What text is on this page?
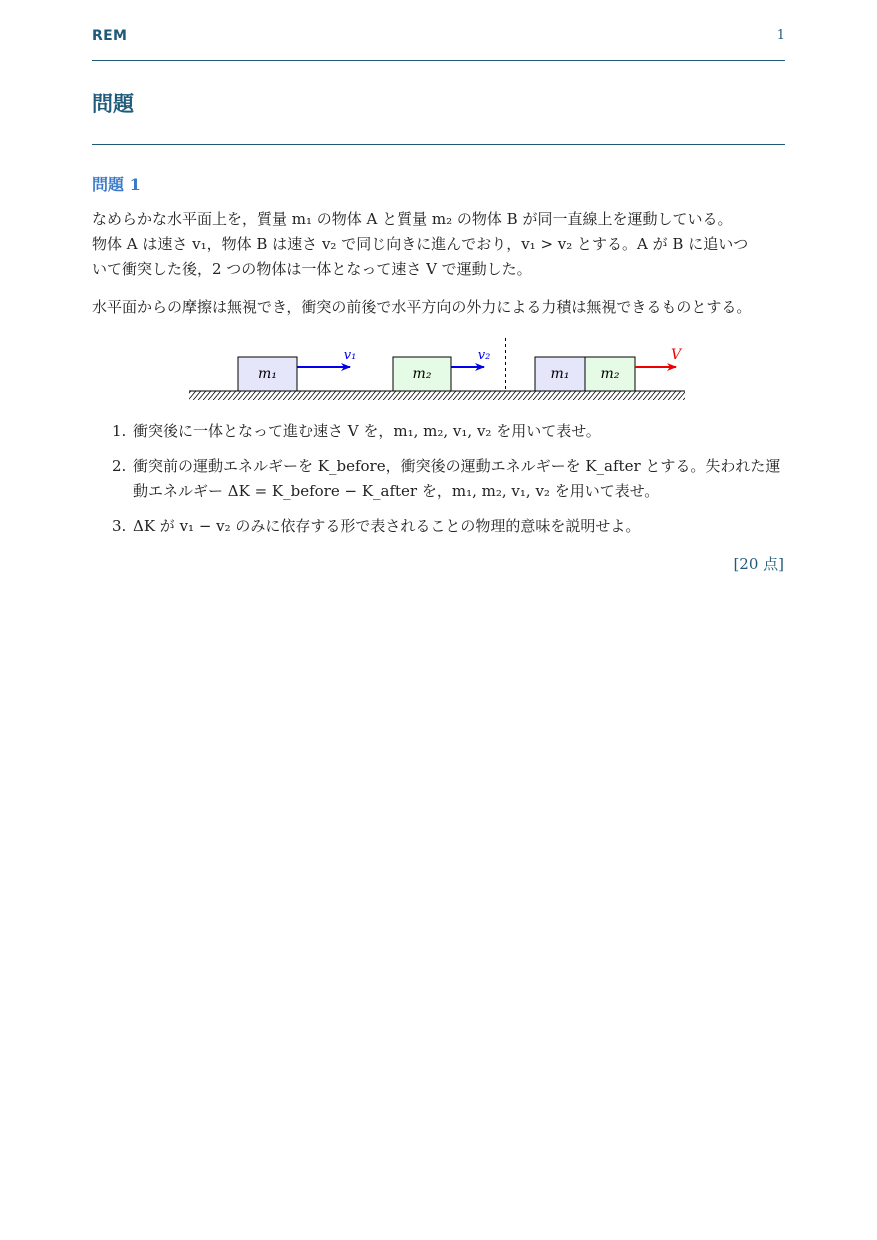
REM	1
問題
問題 1
なめらかな水平面上を，質量 m₁ の物体 A と質量 m₂ の物体 B が同一直線上を運動している。
物体 A は速さ v₁，物体 B は速さ v₂ で同じ向きに進んでおり，v₁ > v₂ とする。A が B に追いつ
いて衝突した後，2 つの物体は一体となって速さ V で運動した。
水平面からの摩擦は無視でき，衝突の前後で水平方向の外力による力積は無視できるものとする。
m₁
v₁
m₂
v₂
m₁ m₂
V
1. 衝突後に一体となって進む速さ V を，m₁, m₂, v₁, v₂ を用いて表せ。
2. 衝突前の運動エネルギーを K_before，衝突後の運動エネルギーを K_after とする。失われた運
動エネルギー ΔK = K_before − K_after を，m₁, m₂, v₁, v₂ を用いて表せ。
3. ΔK が v₁ − v₂ のみに依存する形で表されることの物理的意味を説明せよ。
[20 点]
